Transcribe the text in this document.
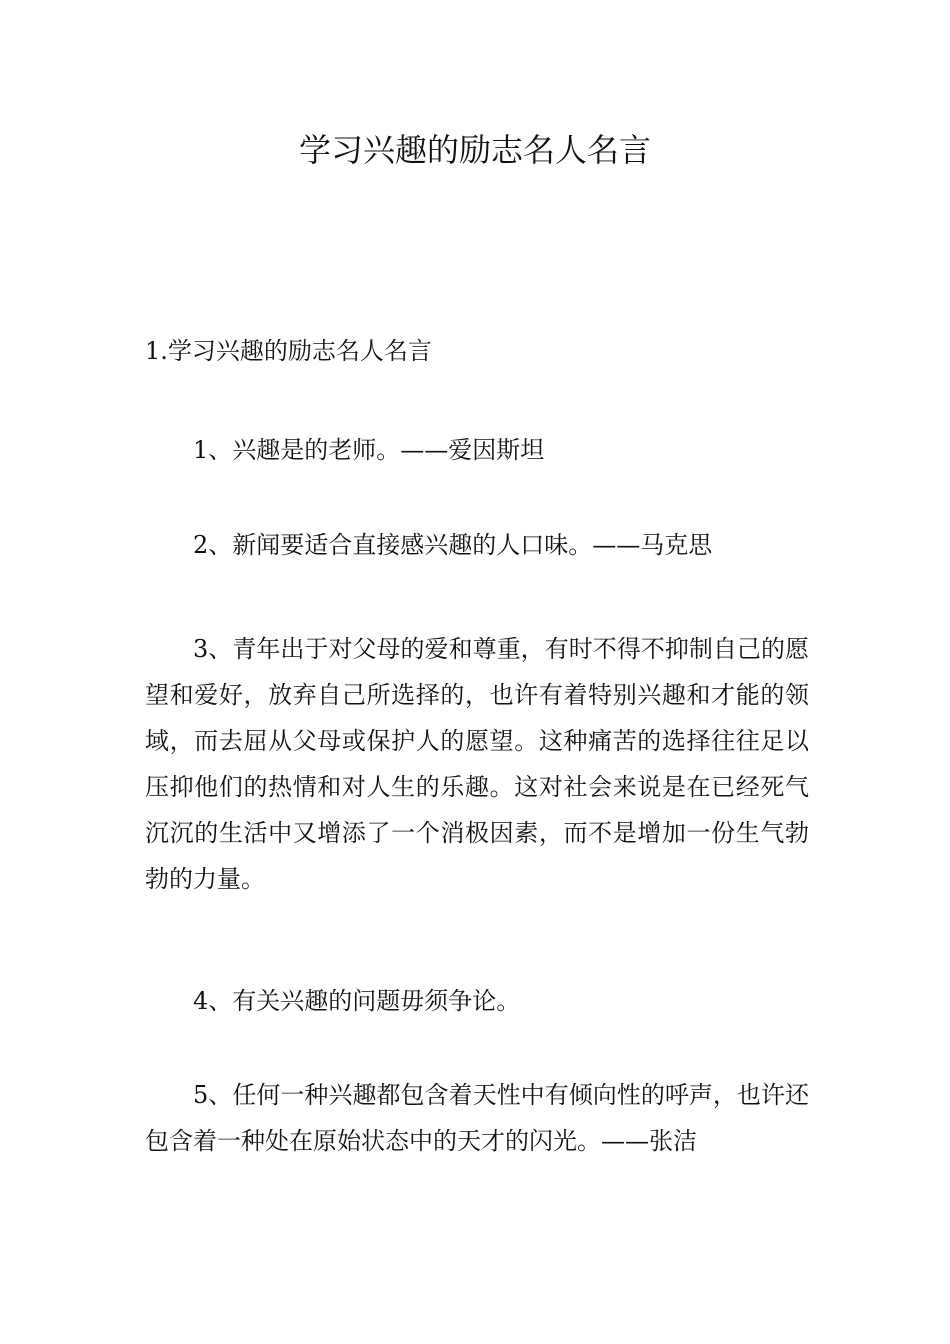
学习兴趣的励志名人名言

1.学习兴趣的励志名人名言

1、兴趣是的老师。——爱因斯坦

2、新闻要适合直接感兴趣的人口味。——马克思

3、青年出于对父母的爱和尊重，有时不得不抑制自己的愿望和爱好，放弃自己所选择的，也许有着特别兴趣和才能的领域，而去屈从父母或保护人的愿望。这种痛苦的选择往往足以压抑他们的热情和对人生的乐趣。这对社会来说是在已经死气沉沉的生活中又增添了一个消极因素，而不是增加一份生气勃勃的力量。

4、有关兴趣的问题毋须争论。

5、任何一种兴趣都包含着天性中有倾向性的呼声，也许还包含着一种处在原始状态中的天才的闪光。——张洁
